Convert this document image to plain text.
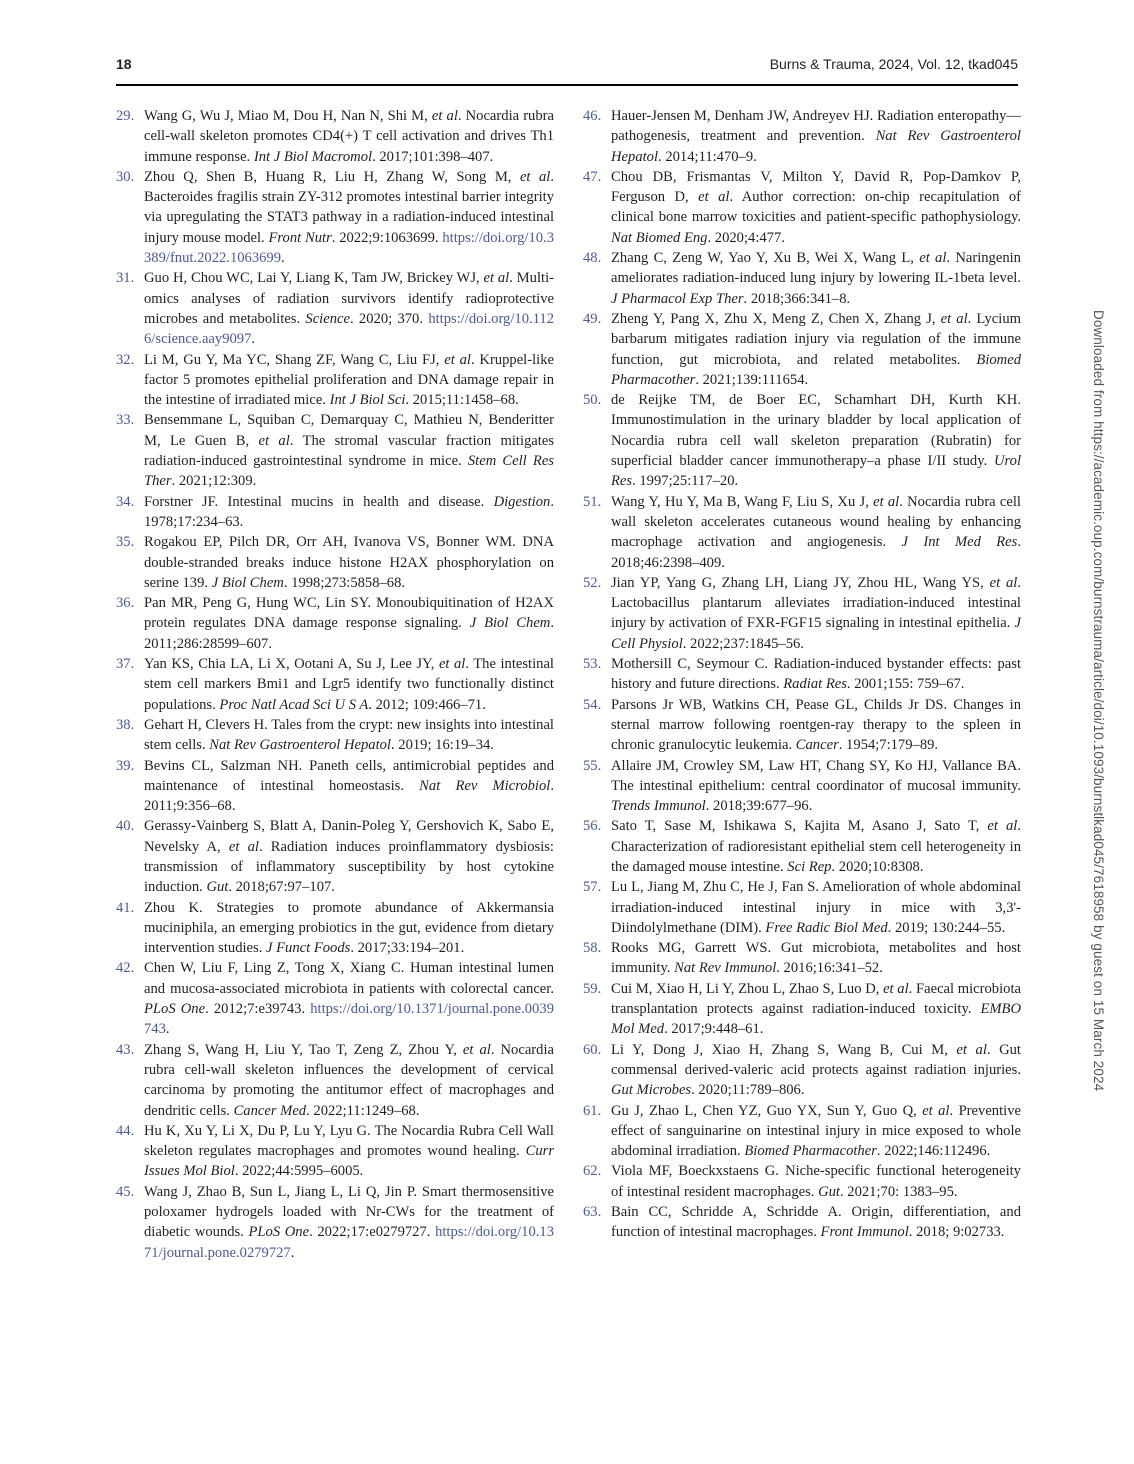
18	Burns & Trauma, 2024, Vol. 12, tkad045
29. Wang G, Wu J, Miao M, Dou H, Nan N, Shi M, et al. Nocardia rubra cell-wall skeleton promotes CD4(+) T cell activation and drives Th1 immune response. Int J Biol Macromol. 2017;101:398–407.
30. Zhou Q, Shen B, Huang R, Liu H, Zhang W, Song M, et al. Bacteroides fragilis strain ZY-312 promotes intestinal barrier integrity via upregulating the STAT3 pathway in a radiation-induced intestinal injury mouse model. Front Nutr. 2022;9:1063699. https://doi.org/10.3389/fnut.2022.1063699.
31. Guo H, Chou WC, Lai Y, Liang K, Tam JW, Brickey WJ, et al. Multi-omics analyses of radiation survivors identify radioprotective microbes and metabolites. Science. 2020; 370. https://doi.org/10.1126/science.aay9097.
32. Li M, Gu Y, Ma YC, Shang ZF, Wang C, Liu FJ, et al. Kruppel-like factor 5 promotes epithelial proliferation and DNA damage repair in the intestine of irradiated mice. Int J Biol Sci. 2015;11:1458–68.
33. Bensemmane L, Squiban C, Demarquay C, Mathieu N, Benderitter M, Le Guen B, et al. The stromal vascular fraction mitigates radiation-induced gastrointestinal syndrome in mice. Stem Cell Res Ther. 2021;12:309.
34. Forstner JF. Intestinal mucins in health and disease. Digestion. 1978;17:234–63.
35. Rogakou EP, Pilch DR, Orr AH, Ivanova VS, Bonner WM. DNA double-stranded breaks induce histone H2AX phosphorylation on serine 139. J Biol Chem. 1998;273:5858–68.
36. Pan MR, Peng G, Hung WC, Lin SY. Monoubiquitination of H2AX protein regulates DNA damage response signaling. J Biol Chem. 2011;286:28599–607.
37. Yan KS, Chia LA, Li X, Ootani A, Su J, Lee JY, et al. The intestinal stem cell markers Bmi1 and Lgr5 identify two functionally distinct populations. Proc Natl Acad Sci U S A. 2012; 109:466–71.
38. Gehart H, Clevers H. Tales from the crypt: new insights into intestinal stem cells. Nat Rev Gastroenterol Hepatol. 2019; 16:19–34.
39. Bevins CL, Salzman NH. Paneth cells, antimicrobial peptides and maintenance of intestinal homeostasis. Nat Rev Microbiol. 2011;9:356–68.
40. Gerassy-Vainberg S, Blatt A, Danin-Poleg Y, Gershovich K, Sabo E, Nevelsky A, et al. Radiation induces proinflammatory dysbiosis: transmission of inflammatory susceptibility by host cytokine induction. Gut. 2018;67:97–107.
41. Zhou K. Strategies to promote abundance of Akkermansia muciniphila, an emerging probiotics in the gut, evidence from dietary intervention studies. J Funct Foods. 2017;33:194–201.
42. Chen W, Liu F, Ling Z, Tong X, Xiang C. Human intestinal lumen and mucosa-associated microbiota in patients with colorectal cancer. PLoS One. 2012;7:e39743. https://doi.org/10.1371/journal.pone.0039743.
43. Zhang S, Wang H, Liu Y, Tao T, Zeng Z, Zhou Y, et al. Nocardia rubra cell-wall skeleton influences the development of cervical carcinoma by promoting the antitumor effect of macrophages and dendritic cells. Cancer Med. 2022;11:1249–68.
44. Hu K, Xu Y, Li X, Du P, Lu Y, Lyu G. The Nocardia Rubra Cell Wall skeleton regulates macrophages and promotes wound healing. Curr Issues Mol Biol. 2022;44:5995–6005.
45. Wang J, Zhao B, Sun L, Jiang L, Li Q, Jin P. Smart thermosensitive poloxamer hydrogels loaded with Nr-CWs for the treatment of diabetic wounds. PLoS One. 2022;17:e0279727. https://doi.org/10.1371/journal.pone.0279727.
46. Hauer-Jensen M, Denham JW, Andreyev HJ. Radiation enteropathy—pathogenesis, treatment and prevention. Nat Rev Gastroenterol Hepatol. 2014;11:470–9.
47. Chou DB, Frismantas V, Milton Y, David R, Pop-Damkov P, Ferguson D, et al. Author correction: on-chip recapitulation of clinical bone marrow toxicities and patient-specific pathophysiology. Nat Biomed Eng. 2020;4:477.
48. Zhang C, Zeng W, Yao Y, Xu B, Wei X, Wang L, et al. Naringenin ameliorates radiation-induced lung injury by lowering IL-1beta level. J Pharmacol Exp Ther. 2018;366:341–8.
49. Zheng Y, Pang X, Zhu X, Meng Z, Chen X, Zhang J, et al. Lycium barbarum mitigates radiation injury via regulation of the immune function, gut microbiota, and related metabolites. Biomed Pharmacother. 2021;139:111654.
50. de Reijke TM, de Boer EC, Schamhart DH, Kurth KH. Immunostimulation in the urinary bladder by local application of Nocardia rubra cell wall skeleton preparation (Rubratin) for superficial bladder cancer immunotherapy–a phase I/II study. Urol Res. 1997;25:117–20.
51. Wang Y, Hu Y, Ma B, Wang F, Liu S, Xu J, et al. Nocardia rubra cell wall skeleton accelerates cutaneous wound healing by enhancing macrophage activation and angiogenesis. J Int Med Res. 2018;46:2398–409.
52. Jian YP, Yang G, Zhang LH, Liang JY, Zhou HL, Wang YS, et al. Lactobacillus plantarum alleviates irradiation-induced intestinal injury by activation of FXR-FGF15 signaling in intestinal epithelia. J Cell Physiol. 2022;237:1845–56.
53. Mothersill C, Seymour C. Radiation-induced bystander effects: past history and future directions. Radiat Res. 2001;155: 759–67.
54. Parsons Jr WB, Watkins CH, Pease GL, Childs Jr DS. Changes in sternal marrow following roentgen-ray therapy to the spleen in chronic granulocytic leukemia. Cancer. 1954;7:179–89.
55. Allaire JM, Crowley SM, Law HT, Chang SY, Ko HJ, Vallance BA. The intestinal epithelium: central coordinator of mucosal immunity. Trends Immunol. 2018;39:677–96.
56. Sato T, Sase M, Ishikawa S, Kajita M, Asano J, Sato T, et al. Characterization of radioresistant epithelial stem cell heterogeneity in the damaged mouse intestine. Sci Rep. 2020;10:8308.
57. Lu L, Jiang M, Zhu C, He J, Fan S. Amelioration of whole abdominal irradiation-induced intestinal injury in mice with 3,3'-Diindolylmethane (DIM). Free Radic Biol Med. 2019; 130:244–55.
58. Rooks MG, Garrett WS. Gut microbiota, metabolites and host immunity. Nat Rev Immunol. 2016;16:341–52.
59. Cui M, Xiao H, Li Y, Zhou L, Zhao S, Luo D, et al. Faecal microbiota transplantation protects against radiation-induced toxicity. EMBO Mol Med. 2017;9:448–61.
60. Li Y, Dong J, Xiao H, Zhang S, Wang B, Cui M, et al. Gut commensal derived-valeric acid protects against radiation injuries. Gut Microbes. 2020;11:789–806.
61. Gu J, Zhao L, Chen YZ, Guo YX, Sun Y, Guo Q, et al. Preventive effect of sanguinarine on intestinal injury in mice exposed to whole abdominal irradiation. Biomed Pharmacother. 2022;146:112496.
62. Viola MF, Boeckxstaens G. Niche-specific functional heterogeneity of intestinal resident macrophages. Gut. 2021;70: 1383–95.
63. Bain CC, Schridde A, Schridde A. Origin, differentiation, and function of intestinal macrophages. Front Immunol. 2018; 9:02733.
Downloaded from https://academic.oup.com/burnstrauma/article/doi/10.1093/burnstlkad045/7618958 by guest on 15 March 2024
